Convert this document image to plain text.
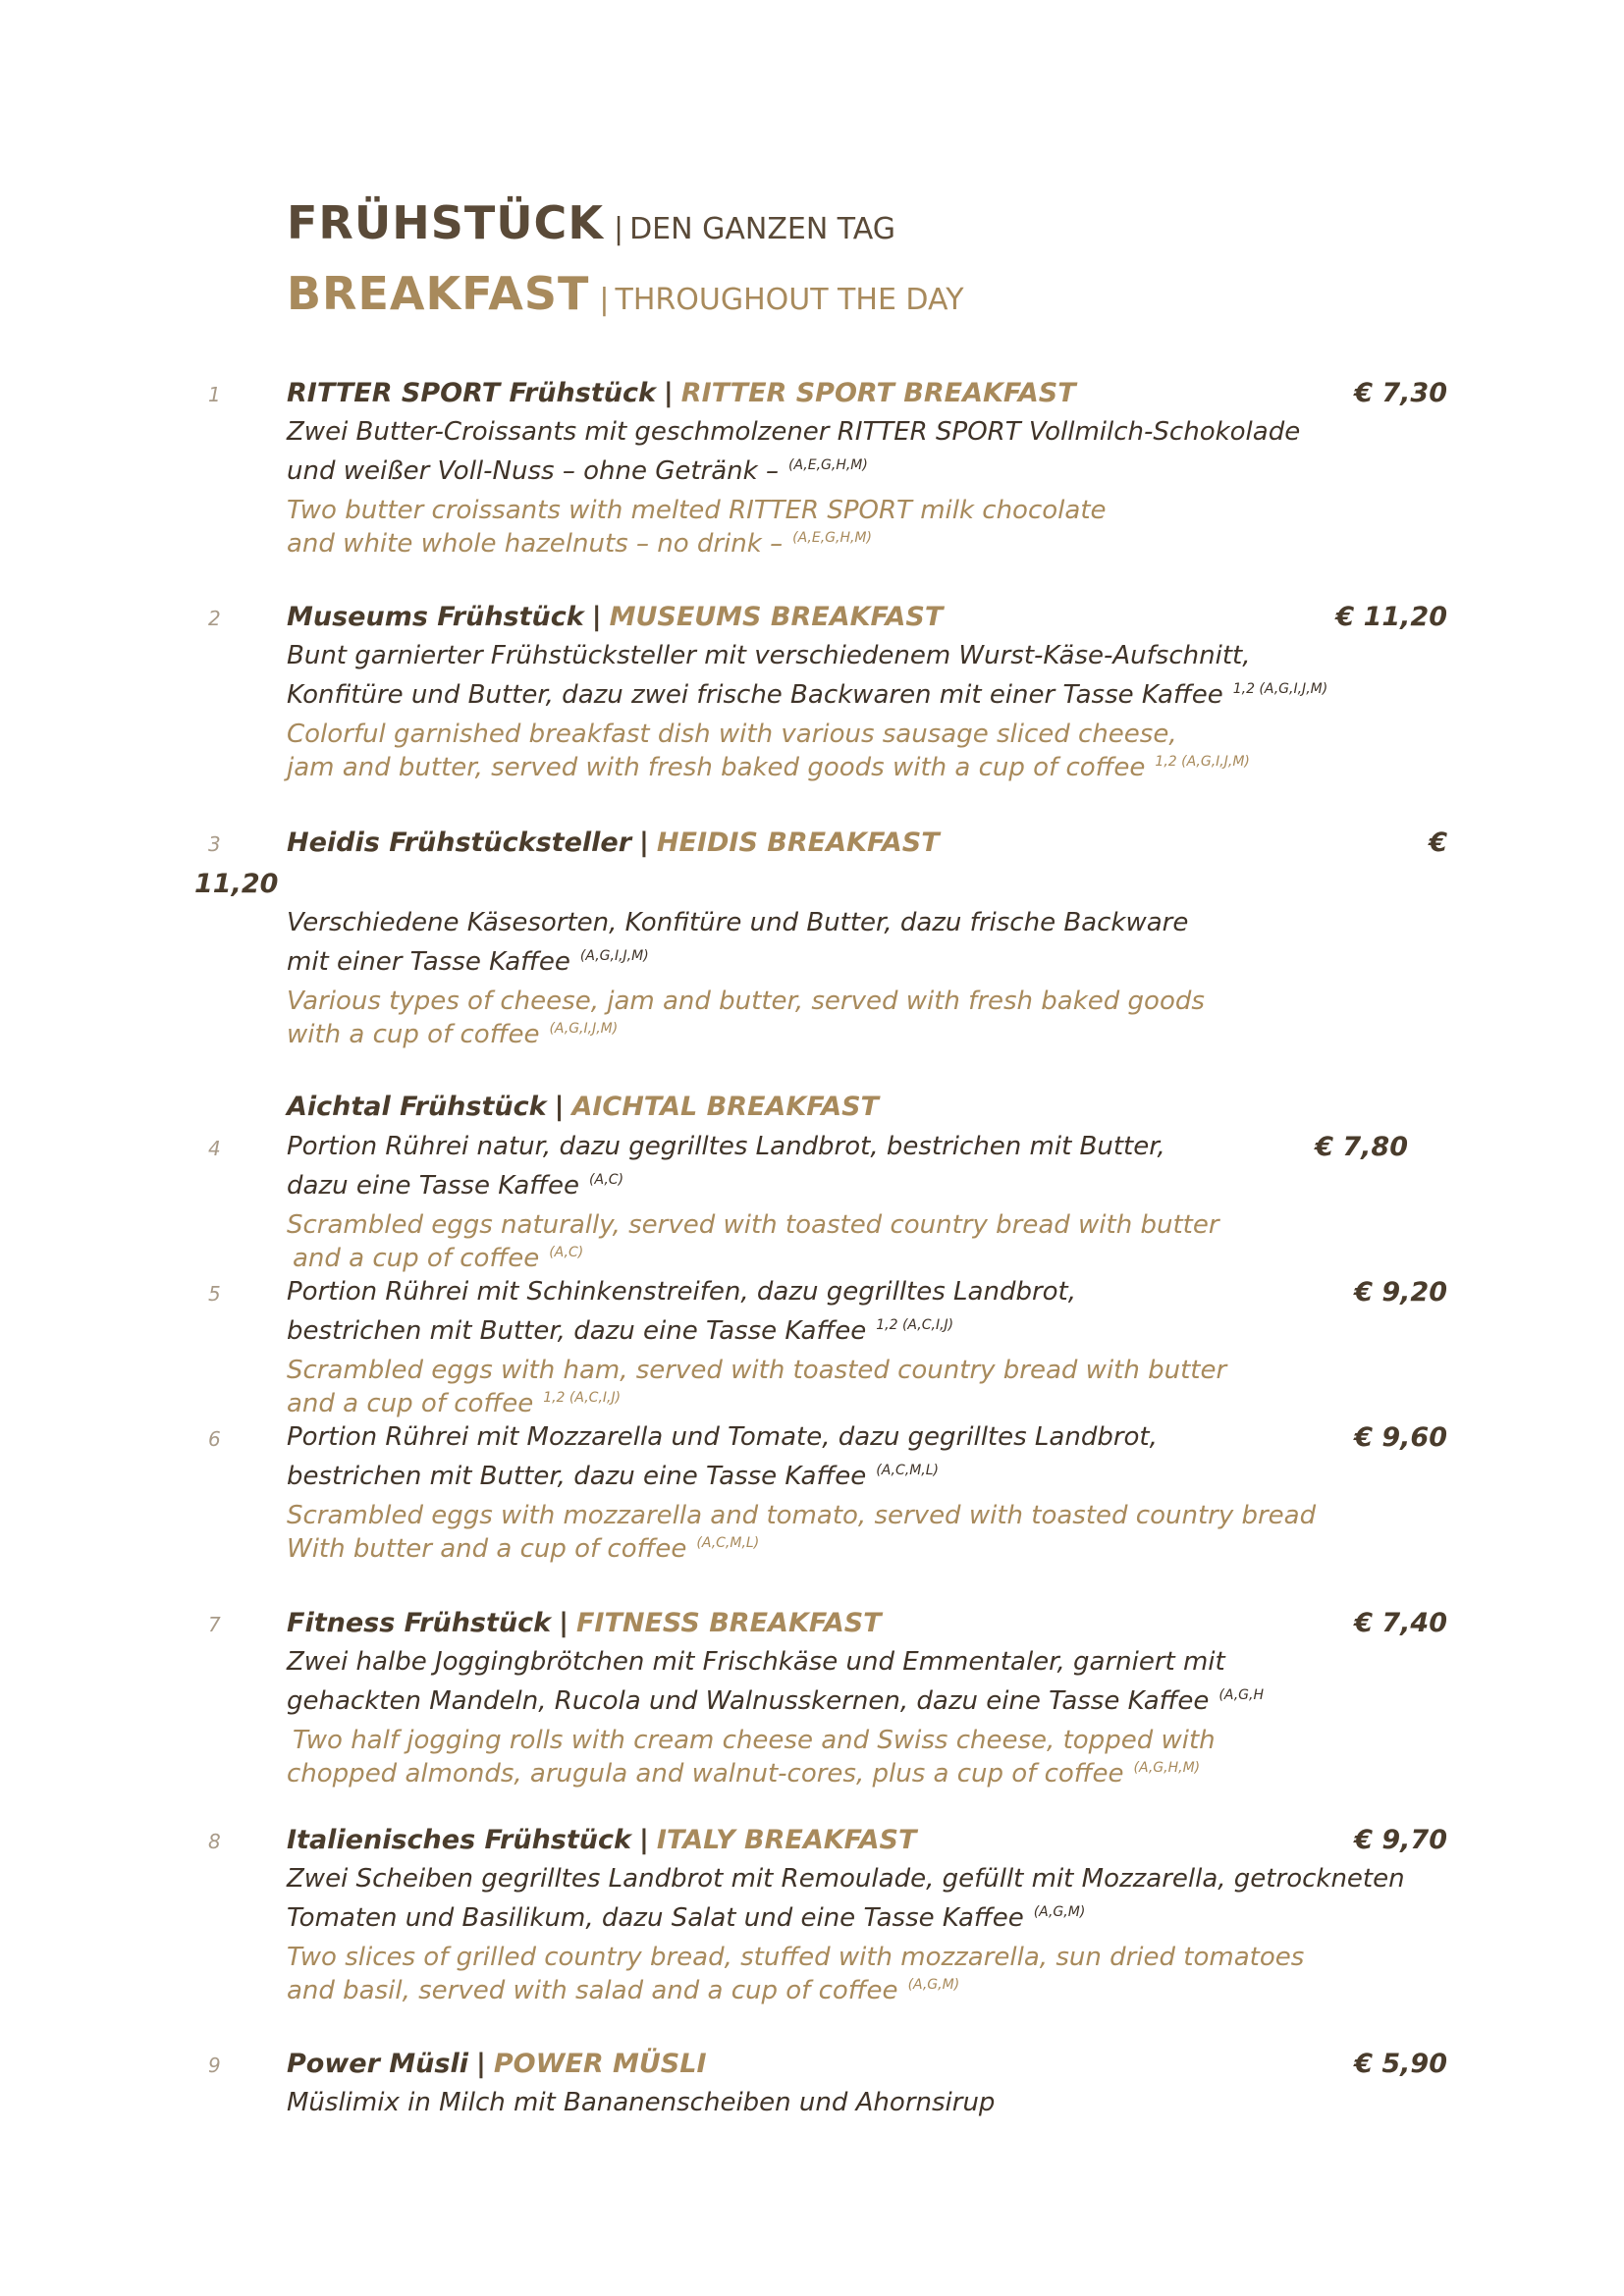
FRÜHSTÜCK | DEN GANZEN TAG
BREAKFAST | THROUGHOUT THE DAY
1	RITTER SPORT Frühstück | RITTER SPORT BREAKFAST	€ 7,30
Zwei Butter-Croissants mit geschmolzener RITTER SPORT Vollmilch-Schokolade
und weißer Voll-Nuss – ohne Getränk – $^{(A,E,G,H,M)}$
Two butter croissants with melted RITTER SPORT milk chocolate
and white whole hazelnuts – no drink – $^{(A,E,G,H,M)}$
2	Museums Frühstück | MUSEUMS BREAKFAST	€ 11,20
Bunt garnierter Frühstücksteller mit verschiedenem Wurst-Käse-Aufschnitt,
Konfitüre und Butter, dazu zwei frische Backwaren mit einer Tasse Kaffee $^{1,2 (A,G,I,J,M)}$
Colorful garnished breakfast dish with various sausage sliced cheese,
jam and butter, served with fresh baked goods with a cup of coffee $^{1,2 (A,G,I,J,M)}$
3	Heidis Frühstücksteller | HEIDIS BREAKFAST	€
11,20
Verschiedene Käsesorten, Konfitüre und Butter, dazu frische Backware
mit einer Tasse Kaffee $^{(A,G,I,J,M)}$
Various types of cheese, jam and butter, served with fresh baked goods
with a cup of coffee $^{(A,G,I,J,M)}$
Aichtal Frühstück | AICHTAL BREAKFAST
4	Portion Rührei natur, dazu gegrilltes Landbrot, bestrichen mit Butter,	€ 7,80
dazu eine Tasse Kaffee $^{(A,C)}$
Scrambled eggs naturally, served with toasted country bread with butter
and a cup of coffee $^{(A,C)}$
5	Portion Rührei mit Schinkenstreifen, dazu gegrilltes Landbrot,	€ 9,20
bestrichen mit Butter, dazu eine Tasse Kaffee $^{1,2 (A,C,I,J)}$
Scrambled eggs with ham, served with toasted country bread with butter
and a cup of coffee $^{1,2 (A,C,I,J)}$
6	Portion Rührei mit Mozzarella und Tomate, dazu gegrilltes Landbrot,	€ 9,60
bestrichen mit Butter, dazu eine Tasse Kaffee $^{(A,C,M,L)}$
Scrambled eggs with mozzarella and tomato, served with toasted country bread
With butter and a cup of coffee $^{(A,C,M,L)}$
7	Fitness Frühstück | FITNESS BREAKFAST	€ 7,40
Zwei halbe Joggingbrötchen mit Frischkäse und Emmentaler, garniert mit
gehackten Mandeln, Rucola und Walnusskernen, dazu eine Tasse Kaffee $^{(A,G,H}$
Two half jogging rolls with cream cheese and Swiss cheese, topped with
chopped almonds, arugula and walnut-cores, plus a cup of coffee $^{(A,G,H,M)}$
8	Italienisches Frühstück | ITALY BREAKFAST	€ 9,70
Zwei Scheiben gegrilltes Landbrot mit Remoulade, gefüllt mit Mozzarella, getrockneten
Tomaten und Basilikum, dazu Salat und eine Tasse Kaffee $^{(A,G,M)}$
Two slices of grilled country bread, stuffed with mozzarella, sun dried tomatoes
and basil, served with salad and a cup of coffee $^{(A,G,M)}$
9	Power Müsli | POWER MÜSLI	€ 5,90
Müslimix in Milch mit Bananenscheiben und Ahornsirup
